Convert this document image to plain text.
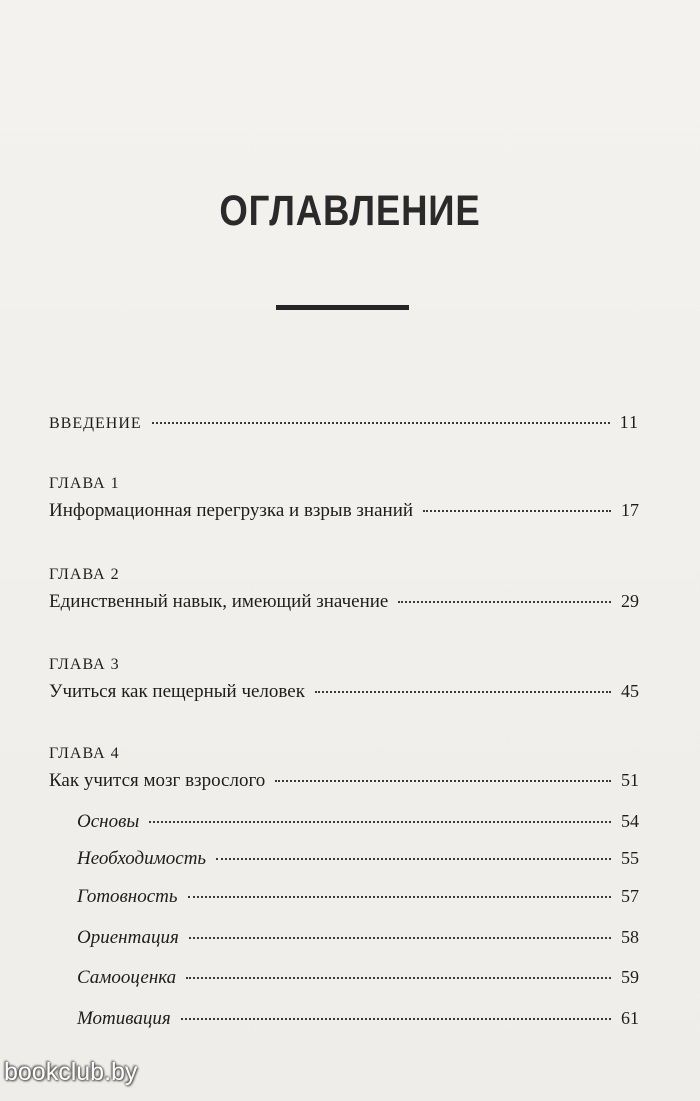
ОГЛАВЛЕНИЕ
ВВЕДЕНИЕ	11
ГЛАВА 1
Информационная перегрузка и взрыв знаний	17
ГЛАВА 2
Единственный навык, имеющий значение	29
ГЛАВА 3
Учиться как пещерный человек	45
ГЛАВА 4
Как учится мозг взрослого	51
Основы	54
Необходимость	55
Готовность	57
Ориентация	58
Самооценка	59
Мотивация	61
bookclub.by
